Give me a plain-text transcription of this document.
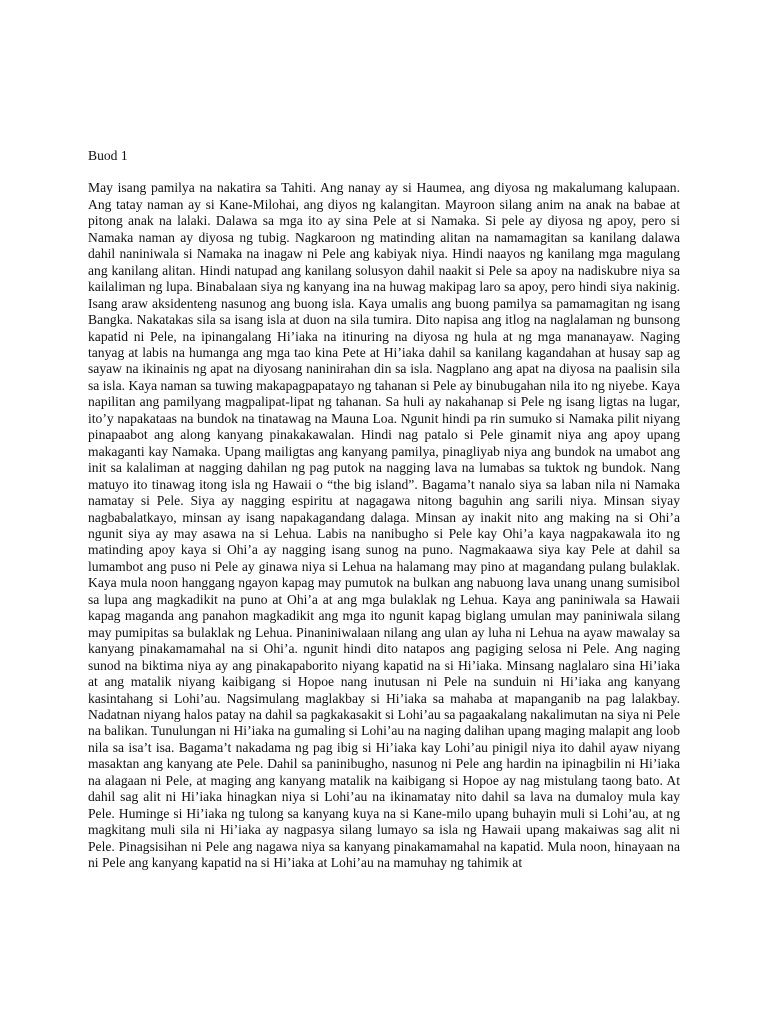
Buod 1

May isang pamilya na nakatira sa Tahiti. Ang nanay ay si Haumea, ang diyosa ng makalumang kalupaan. Ang tatay naman ay si Kane-Milohai, ang diyos ng kalangitan. Mayroon silang anim na anak na babae at pitong anak na lalaki. Dalawa sa mga ito ay sina Pele at si Namaka. Si pele ay diyosa ng apoy, pero si Namaka naman ay diyosa ng tubig. Nagkaroon ng matinding alitan na namamagitan sa kanilang dalawa dahil naniniwala si Namaka na inagaw ni Pele ang kabiyak niya. Hindi naayos ng kanilang mga magulang ang kanilang alitan. Hindi natupad ang kanilang solusyon dahil naakit si Pele sa apoy na nadiskubre niya sa kailaliman ng lupa. Binabalaan siya ng kanyang ina na huwag makipag laro sa apoy, pero hindi siya nakinig. Isang araw aksidenteng nasunog ang buong isla. Kaya umalis ang buong pamilya sa pamamagitan ng isang Bangka. Nakatakas sila sa isang isla at duon na sila tumira. Dito napisa ang itlog na naglalaman ng bunsong kapatid ni Pele, na ipinangalang Hi’iaka na itinuring na diyosa ng hula at ng mga mananayaw. Naging tanyag at labis na humanga ang mga tao kina Pete at Hi’iaka dahil sa kanilang kagandahan at husay sap ag sayaw na ikinainis ng apat na diyosang naninirahan din sa isla. Nagplano ang apat na diyosa na paalisin sila sa isla. Kaya naman sa tuwing makapagpapatayo ng tahanan si Pele ay binubugahan nila ito ng niyebe. Kaya napilitan ang pamilyang magpalipat-lipat ng tahanan. Sa huli ay nakahanap si Pele ng isang ligtas na lugar, ito’y napakataas na bundok na tinatawag na Mauna Loa. Ngunit hindi pa rin sumuko si Namaka pilit niyang pinapaabot ang along kanyang pinakakawalan. Hindi nag patalo si Pele ginamit niya ang apoy upang makaganti kay Namaka. Upang mailigtas ang kanyang pamilya, pinagliyab niya ang bundok na umabot ang init sa kalaliman at nagging dahilan ng pag putok na nagging lava na lumabas sa tuktok ng bundok. Nang matuyo ito tinawag itong isla ng Hawaii o “the big island”. Bagama’t nanalo siya sa laban nila ni Namaka namatay si Pele. Siya ay nagging espiritu at nagagawa nitong baguhin ang sarili niya. Minsan siyay nagbabalatkayo, minsan ay isang napakagandang dalaga. Minsan ay inakit nito ang making na si Ohi’a ngunit siya ay may asawa na si Lehua. Labis na nanibugho si Pele kay Ohi’a kaya nagpakawala ito ng matinding apoy kaya si Ohi’a ay nagging isang sunog na puno. Nagmakaawa siya kay Pele at dahil sa lumambot ang puso ni Pele ay ginawa niya si Lehua na halamang may pino at magandang pulang bulaklak. Kaya mula noon hanggang ngayon kapag may pumutok na bulkan ang nabuong lava unang unang sumisibol sa lupa ang magkadikit na puno at Ohi’a at ang mga bulaklak ng Lehua. Kaya ang paniniwala sa Hawaii kapag maganda ang panahon magkadikit ang mga ito ngunit kapag biglang umulan may paniniwala silang may pumipitas sa bulaklak ng Lehua. Pinaniniwalaan nilang ang ulan ay luha ni Lehua na ayaw mawalay sa kanyang pinakamamahal na si Ohi’a. ngunit hindi dito natapos ang pagiging selosa ni Pele. Ang naging sunod na biktima niya ay ang pinakapaborito niyang kapatid na si Hi’iaka. Minsang naglalaro sina Hi’iaka at ang matalik niyang kaibigang si Hopoe nang inutusan ni Pele na sunduin ni Hi’iaka ang kanyang kasintahang si Lohi’au. Nagsimulang maglakbay si Hi’iaka sa mahaba at mapanganib na pag lalakbay. Nadatnan niyang halos patay na dahil sa pagkakasakit si Lohi’au sa pagaakalang nakalimutan na siya ni Pele na balikan. Tunulungan ni Hi’iaka na gumaling si Lohi’au na naging dalihan upang maging malapit ang loob nila sa isa’t isa. Bagama’t nakadama ng pag ibig si Hi’iaka kay Lohi’au pinigil niya ito dahil ayaw niyang masaktan ang kanyang ate Pele. Dahil sa paninibugho, nasunog ni Pele ang hardin na ipinagbilin ni Hi’iaka na alagaan ni Pele, at maging ang kanyang matalik na kaibigang si Hopoe ay nag mistulang taong bato. At dahil sag alit ni Hi’iaka hinagkan niya si Lohi’au na ikinamatay nito dahil sa lava na dumaloy mula kay Pele. Huminge si Hi’iaka ng tulong sa kanyang kuya na si Kane-milo upang buhayin muli si Lohi’au, at ng magkitang muli sila ni Hi’iaka ay nagpasya silang lumayo sa isla ng Hawaii upang makaiwas sag alit ni Pele. Pinagsisihan ni Pele ang nagawa niya sa kanyang pinakamamahal na kapatid. Mula noon, hinayaan na ni Pele ang kanyang kapatid na si Hi’iaka at Lohi’au na mamuhay ng tahimik at
